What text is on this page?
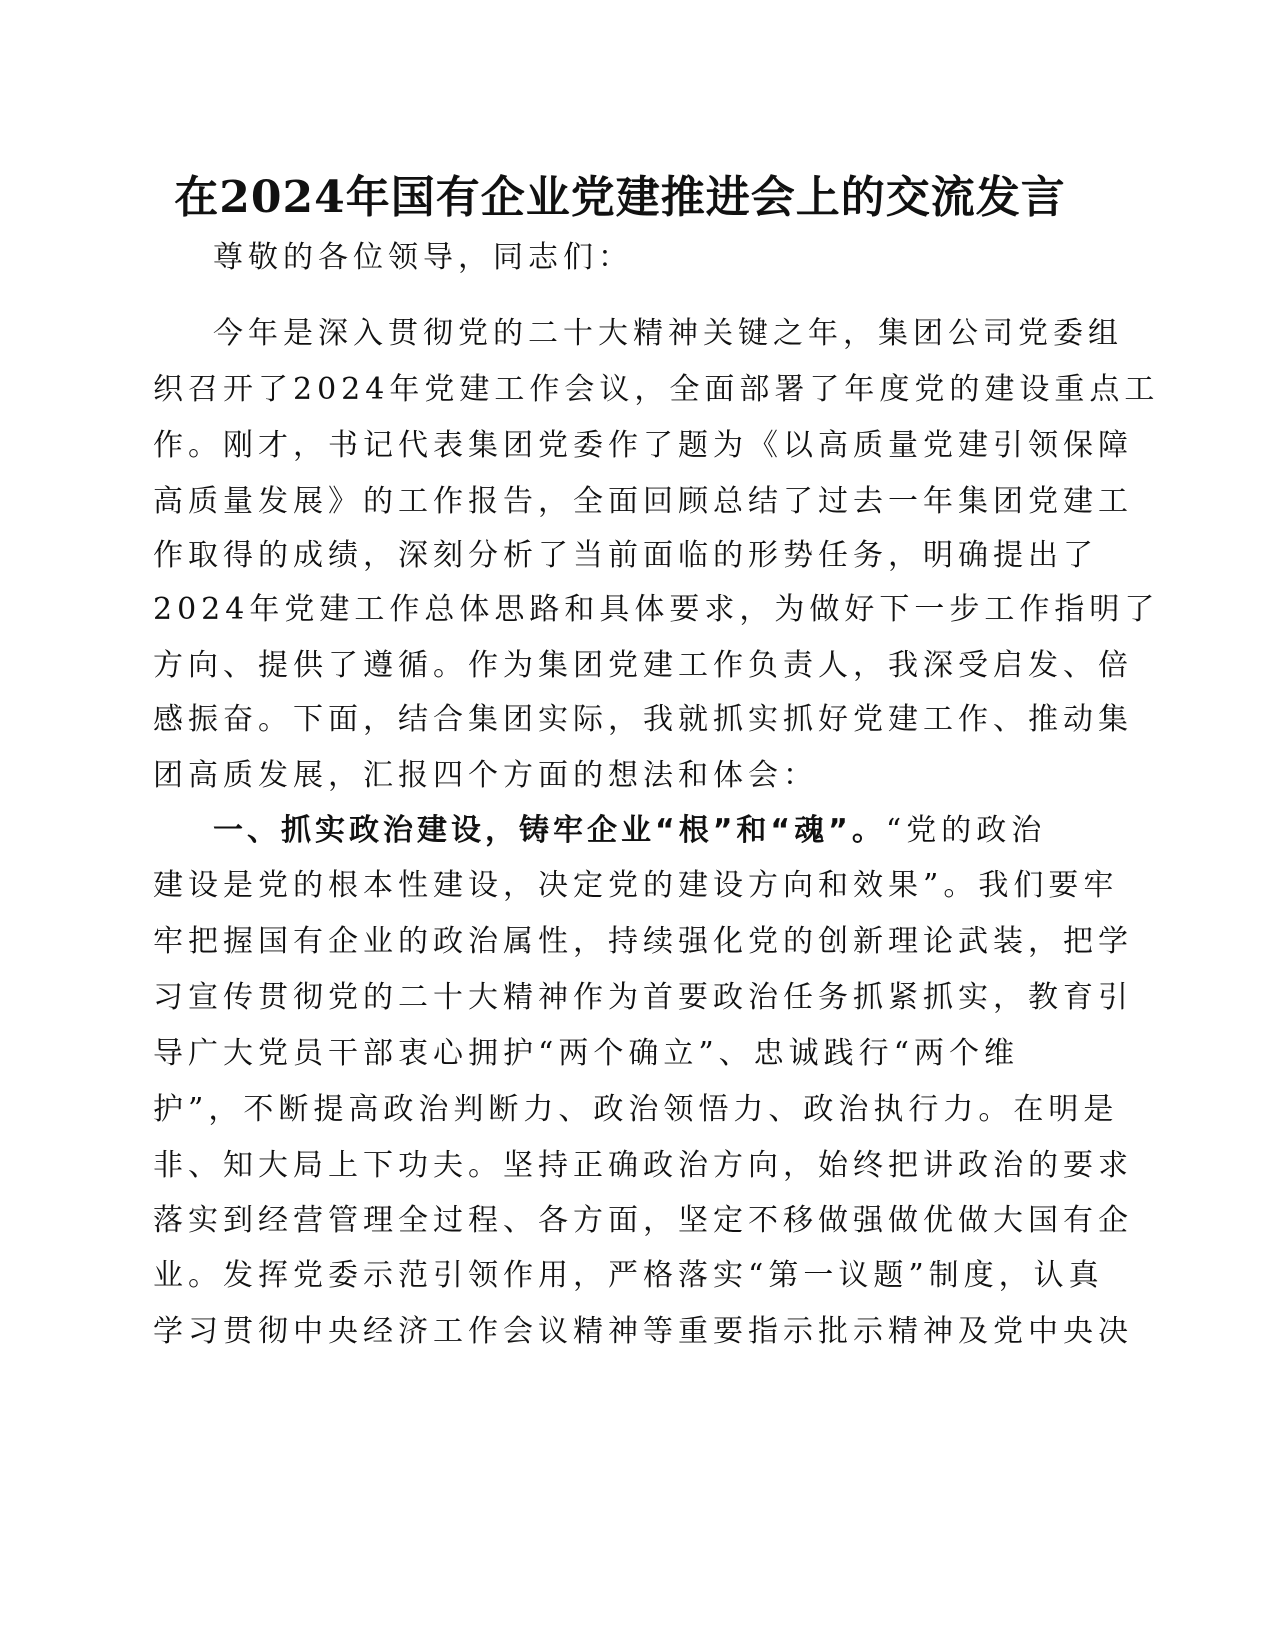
在2024年国有企业党建推进会上的交流发言
尊敬的各位领导，同志们：
今年是深入贯彻党的二十大精神关键之年，集团公司党委组
织召开了2024年党建工作会议，全面部署了年度党的建设重点工
作。刚才，书记代表集团党委作了题为《以高质量党建引领保障
高质量发展》的工作报告，全面回顾总结了过去一年集团党建工
作取得的成绩，深刻分析了当前面临的形势任务，明确提出了
2024年党建工作总体思路和具体要求，为做好下一步工作指明了
方向、提供了遵循。作为集团党建工作负责人，我深受启发、倍
感振奋。下面，结合集团实际，我就抓实抓好党建工作、推动集
团高质发展，汇报四个方面的想法和体会：
一、抓实政治建设，铸牢企业“根”和“魂”。“党的政治
建设是党的根本性建设，决定党的建设方向和效果”。我们要牢
牢把握国有企业的政治属性，持续强化党的创新理论武装，把学
习宣传贯彻党的二十大精神作为首要政治任务抓紧抓实，教育引
导广大党员干部衷心拥护“两个确立”、忠诚践行“两个维
护”，不断提高政治判断力、政治领悟力、政治执行力。在明是
非、知大局上下功夫。坚持正确政治方向，始终把讲政治的要求
落实到经营管理全过程、各方面，坚定不移做强做优做大国有企
业。发挥党委示范引领作用，严格落实“第一议题”制度，认真
学习贯彻中央经济工作会议精神等重要指示批示精神及党中央决
